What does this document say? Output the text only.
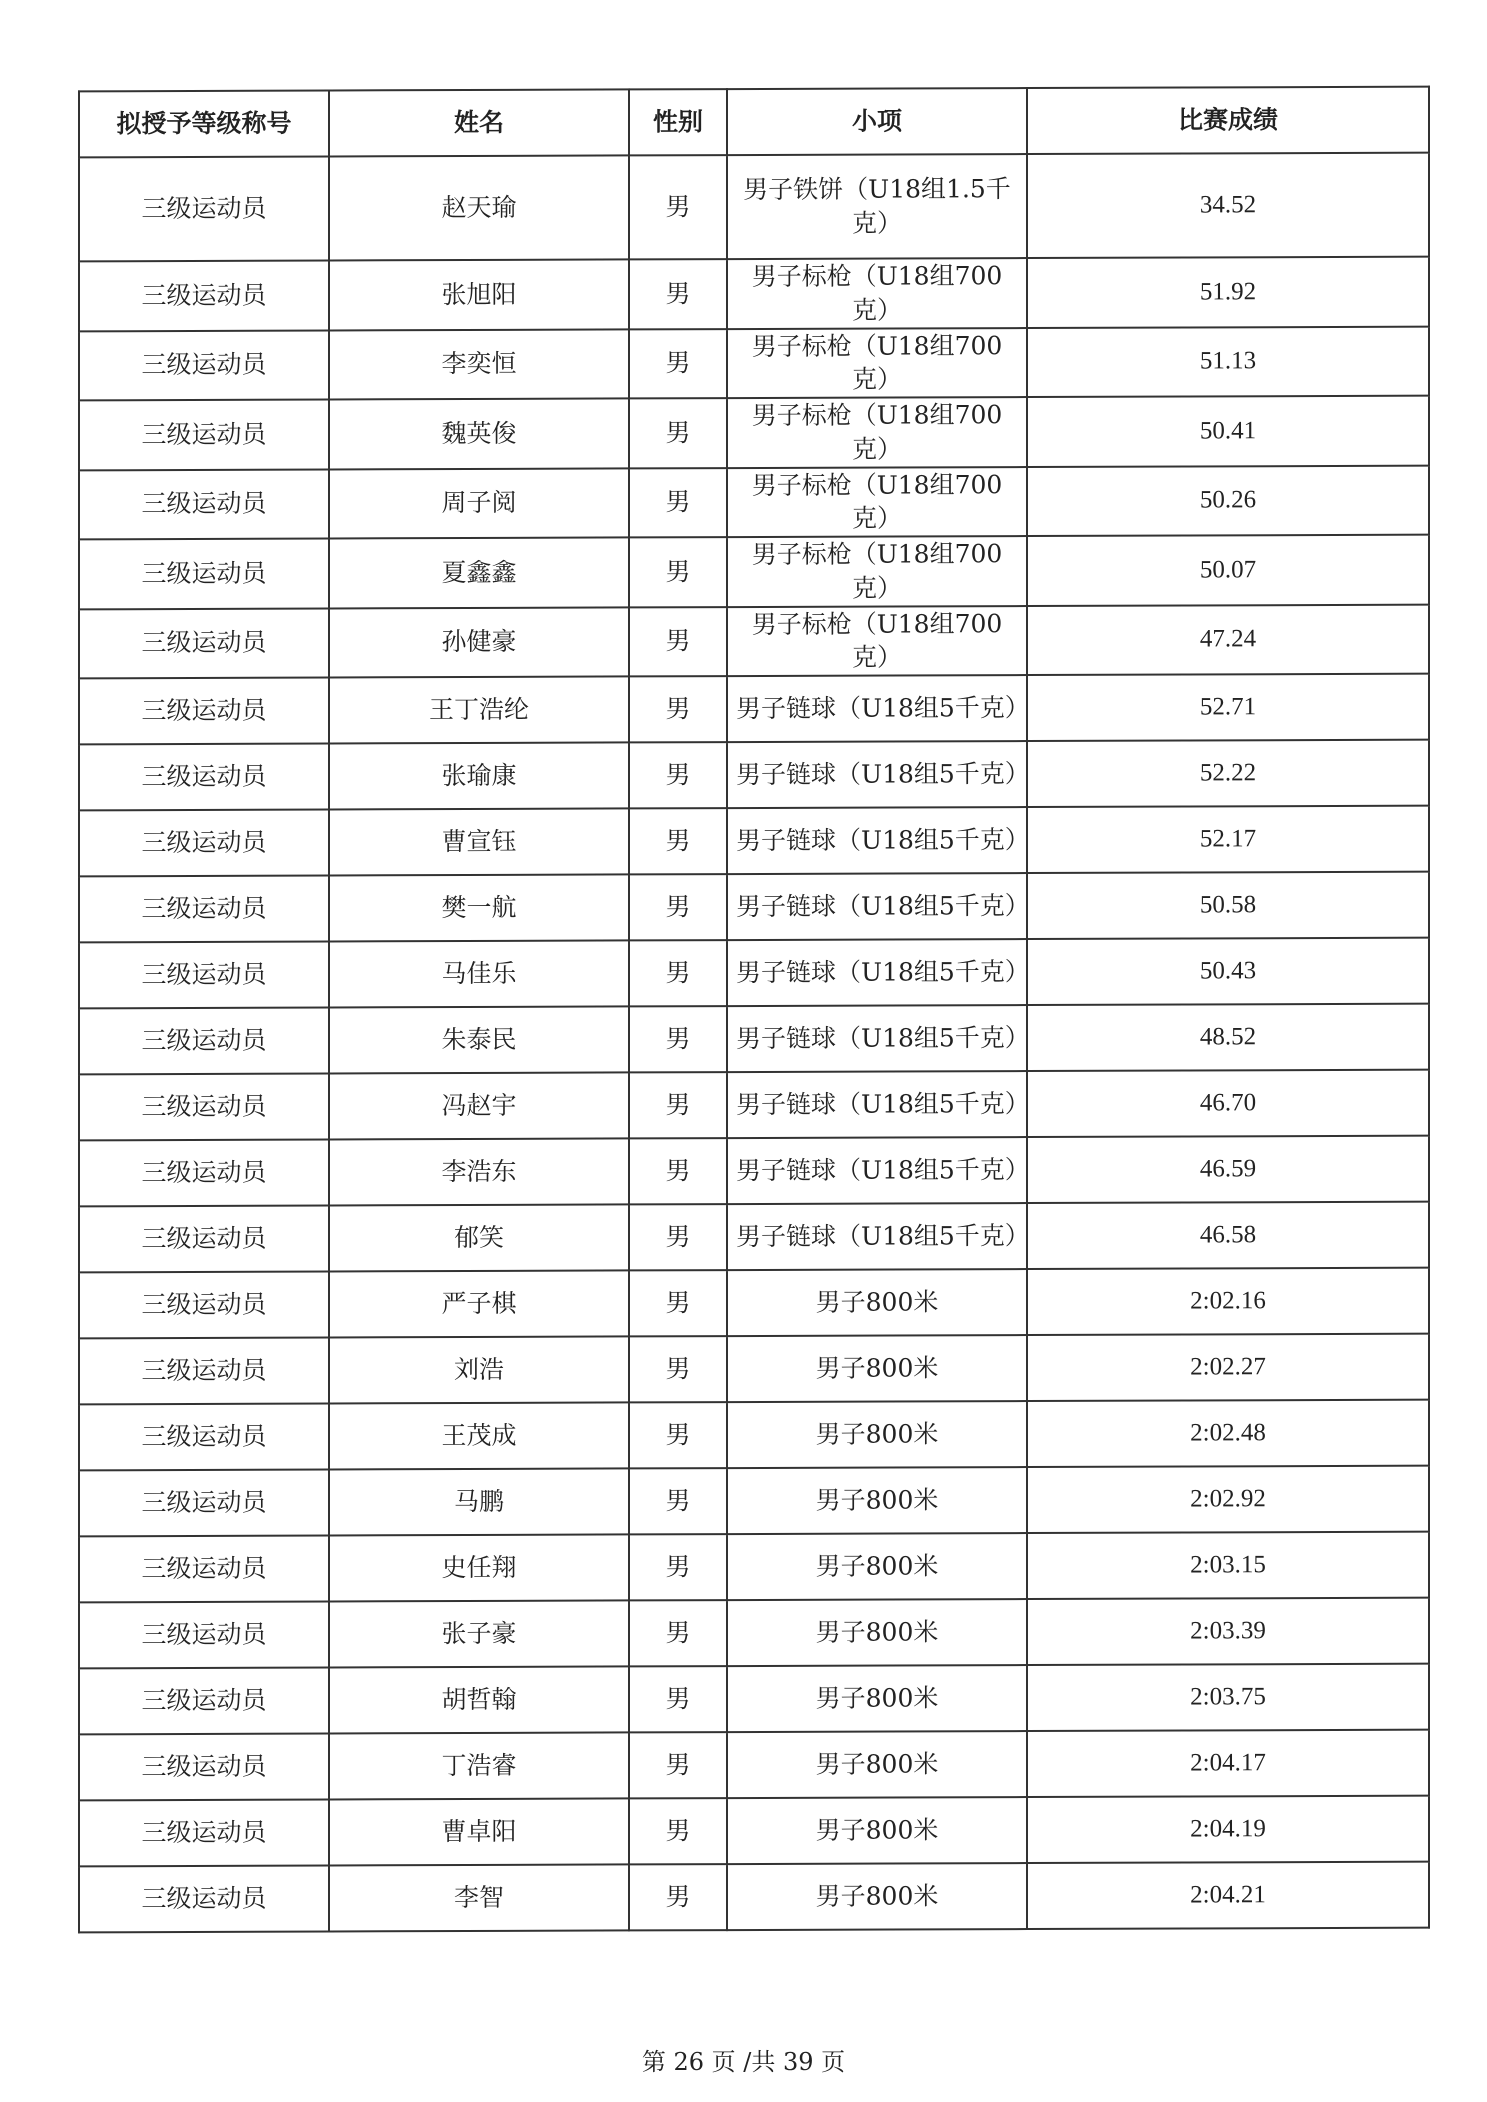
拟授予等级称号	姓名	性别	小项	比赛成绩
三级运动员	赵天瑜	男	男子铁饼（U18组1.5千克）	34.52
三级运动员	张旭阳	男	男子标枪（U18组700克）	51.92
三级运动员	李奕恒	男	男子标枪（U18组700克）	51.13
三级运动员	魏英俊	男	男子标枪（U18组700克）	50.41
三级运动员	周子阅	男	男子标枪（U18组700克）	50.26
三级运动员	夏鑫鑫	男	男子标枪（U18组700克）	50.07
三级运动员	孙健豪	男	男子标枪（U18组700克）	47.24
三级运动员	王丁浩纶	男	男子链球（U18组5千克）	52.71
三级运动员	张瑜康	男	男子链球（U18组5千克）	52.22
三级运动员	曹宣钰	男	男子链球（U18组5千克）	52.17
三级运动员	樊一航	男	男子链球（U18组5千克）	50.58
三级运动员	马佳乐	男	男子链球（U18组5千克）	50.43
三级运动员	朱泰民	男	男子链球（U18组5千克）	48.52
三级运动员	冯赵宇	男	男子链球（U18组5千克）	46.70
三级运动员	李浩东	男	男子链球（U18组5千克）	46.59
三级运动员	郁笑	男	男子链球（U18组5千克）	46.58
三级运动员	严子棋	男	男子800米	2:02.16
三级运动员	刘浩	男	男子800米	2:02.27
三级运动员	王茂成	男	男子800米	2:02.48
三级运动员	马鹏	男	男子800米	2:02.92
三级运动员	史任翔	男	男子800米	2:03.15
三级运动员	张子豪	男	男子800米	2:03.39
三级运动员	胡哲翰	男	男子800米	2:03.75
三级运动员	丁浩睿	男	男子800米	2:04.17
三级运动员	曹卓阳	男	男子800米	2:04.19
三级运动员	李智	男	男子800米	2:04.21
第 26 页 /共 39 页
